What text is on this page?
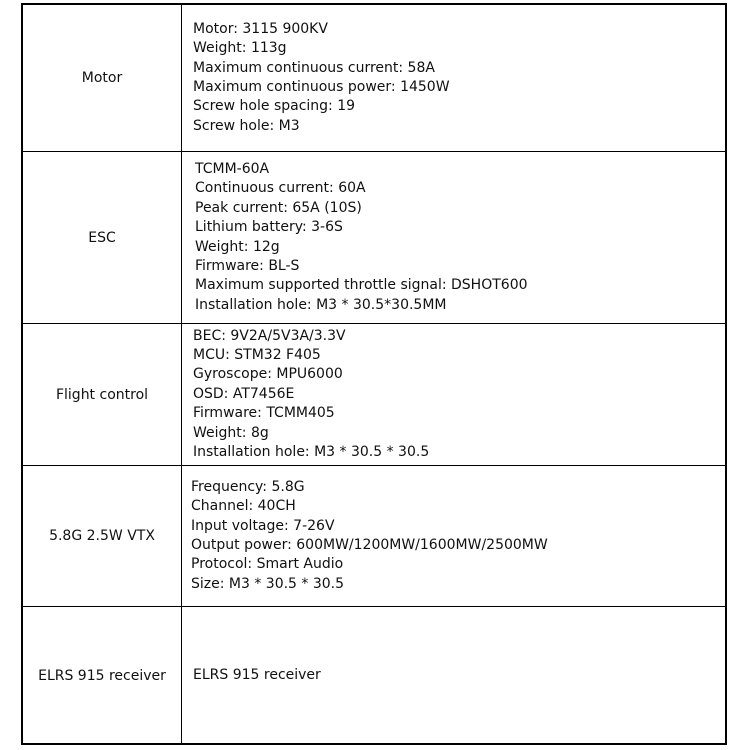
Motor
Motor: 3115 900KV
Weight: 113g
Maximum continuous current: 58A
Maximum continuous power: 1450W
Screw hole spacing: 19
Screw hole: M3
ESC
TCMM-60A
Continuous current: 60A
Peak current: 65A (10S)
Lithium battery: 3-6S
Weight: 12g
Firmware: BL-S
Maximum supported throttle signal: DSHOT600
Installation hole: M3 * 30.5*30.5MM
Flight control
BEC: 9V2A/5V3A/3.3V
MCU: STM32 F405
Gyroscope: MPU6000
OSD: AT7456E
Firmware: TCMM405
Weight: 8g
Installation hole: M3 * 30.5 * 30.5
5.8G 2.5W VTX
Frequency: 5.8G
Channel: 40CH
Input voltage: 7-26V
Output power: 600MW/1200MW/1600MW/2500MW
Protocol: Smart Audio
Size: M3 * 30.5 * 30.5
ELRS 915 receiver	ELRS 915 receiver
